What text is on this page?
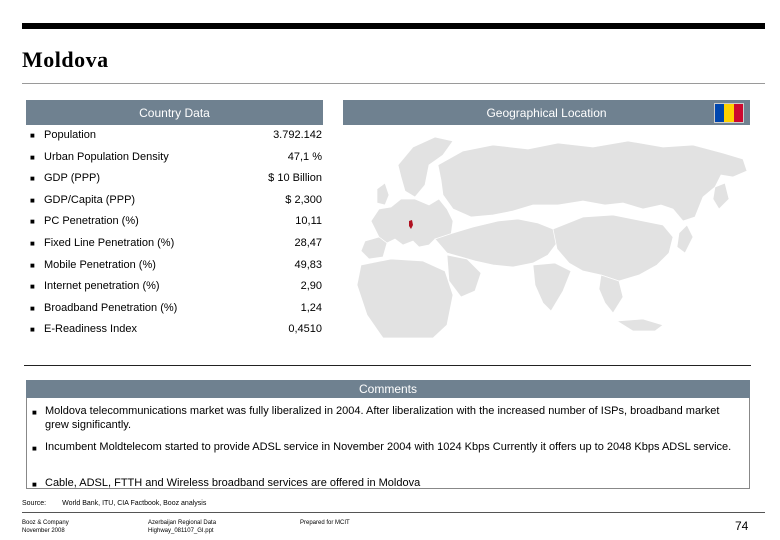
Moldova
Country Data
■ Population	3.792.142
■ Urban Population Density	47,1 %
■ GDP (PPP)	$ 10 Billion
■ GDP/Capita (PPP)	$ 2,300
■ PC Penetration (%)	10,11
■ Fixed Line Penetration (%)	28,47
■ Mobile Penetration (%)	49,83
■ Internet penetration (%)	2,90
■ Broadband Penetration (%)	1,24
■ E-Readiness Index	0,4510
Geographical Location
Comments
■ Moldova telecommunications market was fully liberalized in 2004. After liberalization with the increased number of ISPs, broadband market grew significantly.
■ Incumbent Moldtelecom started to provide ADSL service in November 2004 with 1024 Kbps Currently it offers up to 2048 Kbps ADSL service.
■ Cable, ADSL, FTTH and Wireless broadband services are offered in Moldova
Source: World Bank, ITU, CIA Factbook, Booz analysis
Booz & Company
November 2008
Azerbaijan Regional Data
Highway_081107_GI.ppt
Prepared for MCIT	74
